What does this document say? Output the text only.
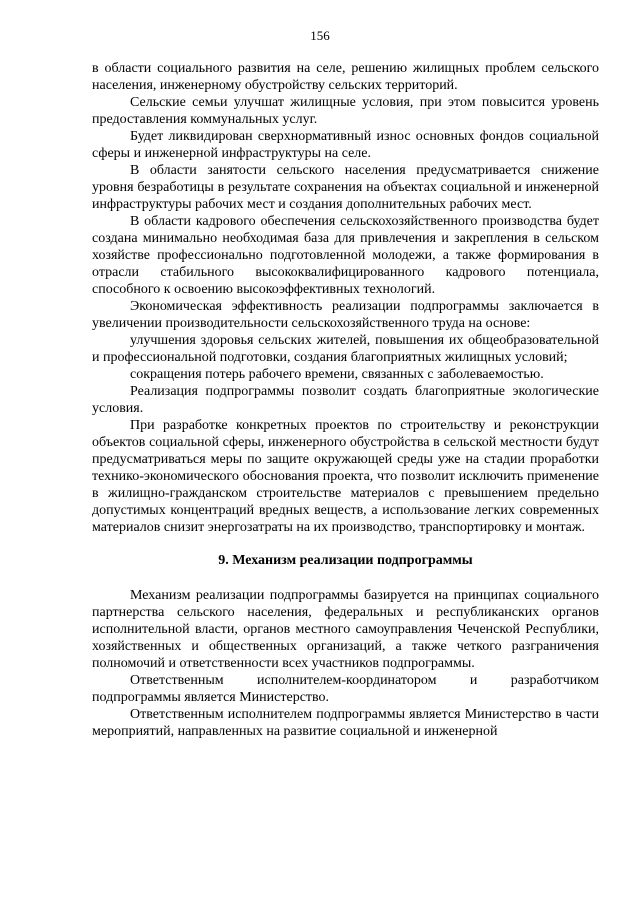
156

в области социального развития на селе, решению жилищных проблем сельского населения, инженерному обустройству сельских территорий.

Сельские семьи улучшат жилищные условия, при этом повысится уровень предоставления коммунальных услуг.

Будет ликвидирован сверхнормативный износ основных фондов социальной сферы и инженерной инфраструктуры на селе.

В области занятости сельского населения предусматривается снижение уровня безработицы в результате сохранения на объектах социальной и инженерной инфраструктуры рабочих мест и создания дополнительных рабочих мест.

В области кадрового обеспечения сельскохозяйственного производства будет создана минимально необходимая база для привлечения и закрепления в сельском хозяйстве профессионально подготовленной молодежи, а также формирования в отрасли стабильного высококвалифицированного кадрового потенциала, способного к освоению высокоэффективных технологий.

Экономическая эффективность реализации подпрограммы заключается в увеличении производительности сельскохозяйственного труда на основе:

улучшения здоровья сельских жителей, повышения их общеобразовательной и профессиональной подготовки, создания благоприятных жилищных условий;

сокращения потерь рабочего времени, связанных с заболеваемостью.

Реализация подпрограммы позволит создать благоприятные экологические условия.

При разработке конкретных проектов по строительству и реконструкции объектов социальной сферы, инженерного обустройства в сельской местности будут предусматриваться меры по защите окружающей среды уже на стадии проработки технико-экономического обоснования проекта, что позволит исключить применение в жилищно-гражданском строительстве материалов с превышением предельно допустимых концентраций вредных веществ, а использование легких современных материалов снизит энергозатраты на их производство, транспортировку и монтаж.

9. Механизм реализации подпрограммы

Механизм реализации подпрограммы базируется на принципах социального партнерства сельского населения, федеральных и республиканских органов исполнительной власти, органов местного самоуправления Чеченской Республики, хозяйственных и общественных организаций, а также четкого разграничения полномочий и ответственности всех участников подпрограммы.

Ответственным исполнителем-координатором и разработчиком подпрограммы является Министерство.

Ответственным исполнителем подпрограммы является Министерство в части мероприятий, направленных на развитие социальной и инженерной
